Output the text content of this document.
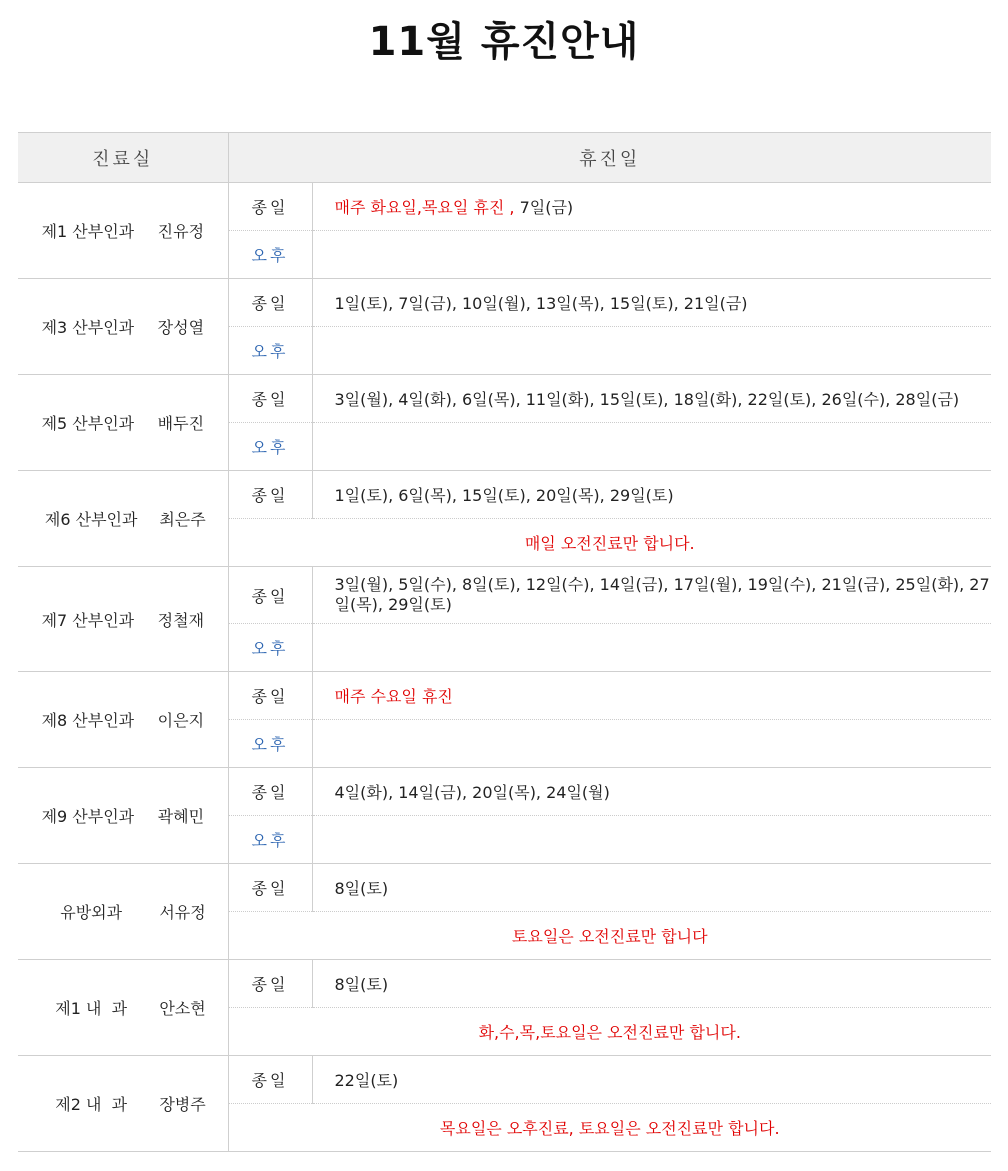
11월 휴진안내
진료실	휴진일	

제1 산부인과 진유정	종일	매주 화요일,목요일 휴진 , 7일(금)
	오후	

제3 산부인과 장성열	종일	1일(토), 7일(금), 10일(월), 13일(목), 15일(토), 21일(금)
	오후	

제5 산부인과 배두진	종일	3일(월), 4일(화), 6일(목), 11일(화), 15일(토), 18일(화), 22일(토), 26일(수), 28일(금)
	오후	

제6 산부인과 최은주	종일	1일(토), 6일(목), 15일(토), 20일(목), 29일(토)
	매일 오전진료만 합니다.	

제7 산부인과 정철재	종일	3일(월), 5일(수), 8일(토), 12일(수), 14일(금), 17일(월), 19일(수), 21일(금), 25일(화), 27일(목), 29일(토)
	오후	

제8 산부인과 이은지	종일	매주 수요일 휴진
	오후	

제9 산부인과 곽혜민	종일	4일(화), 14일(금), 20일(목), 24일(월)
	오후	

유방외과 서유정	종일	8일(토)
	토요일은 오전진료만 합니다	

제1 내  과 안소현	종일	8일(토)
	화,수,목,토요일은 오전진료만 합니다.	

제2 내  과 장병주	종일	22일(토)
	목요일은 오후진료, 토요일은 오전진료만 합니다.	
